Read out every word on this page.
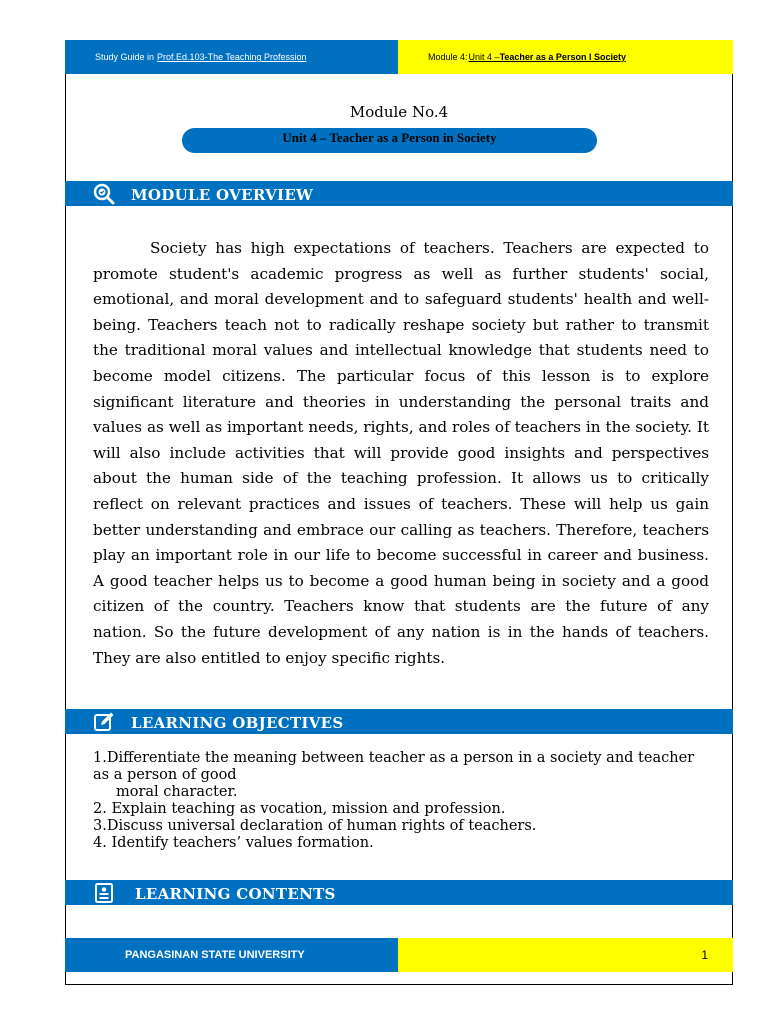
Study Guide in Prof.Ed.103-The Teaching Profession	Module 4: Unit 4 – Teacher as a Person I Society
Module No.4
Unit 4 – Teacher as a Person in Society
MODULE OVERVIEW
Society has high expectations of teachers. Teachers are expected to promote student's academic progress as well as further students' social, emotional, and moral development and to safeguard students' health and well-being. Teachers teach not to radically reshape society but rather to transmit the traditional moral values and intellectual knowledge that students need to become model citizens. The particular focus of this lesson is to explore significant literature and theories in understanding the personal traits and values as well as important needs, rights, and roles of teachers in the society. It will also include activities that will provide good insights and perspectives about the human side of the teaching profession. It allows us to critically reflect on relevant practices and issues of teachers. These will help us gain better understanding and embrace our calling as teachers. Therefore, teachers play an important role in our life to become successful in career and business. A good teacher helps us to become a good human being in society and a good citizen of the country. Teachers know that students are the future of any nation. So the future development of any nation is in the hands of teachers. They are also entitled to enjoy specific rights.
LEARNING OBJECTIVES
1.Differentiate the meaning between teacher as a person in a society and teacher as a person of good
moral character.
2. Explain teaching as vocation, mission and profession.
3.Discuss universal declaration of human rights of teachers.
4. Identify teachers’ values formation.
LEARNING CONTENTS
PANGASINAN STATE UNIVERSITY	1
